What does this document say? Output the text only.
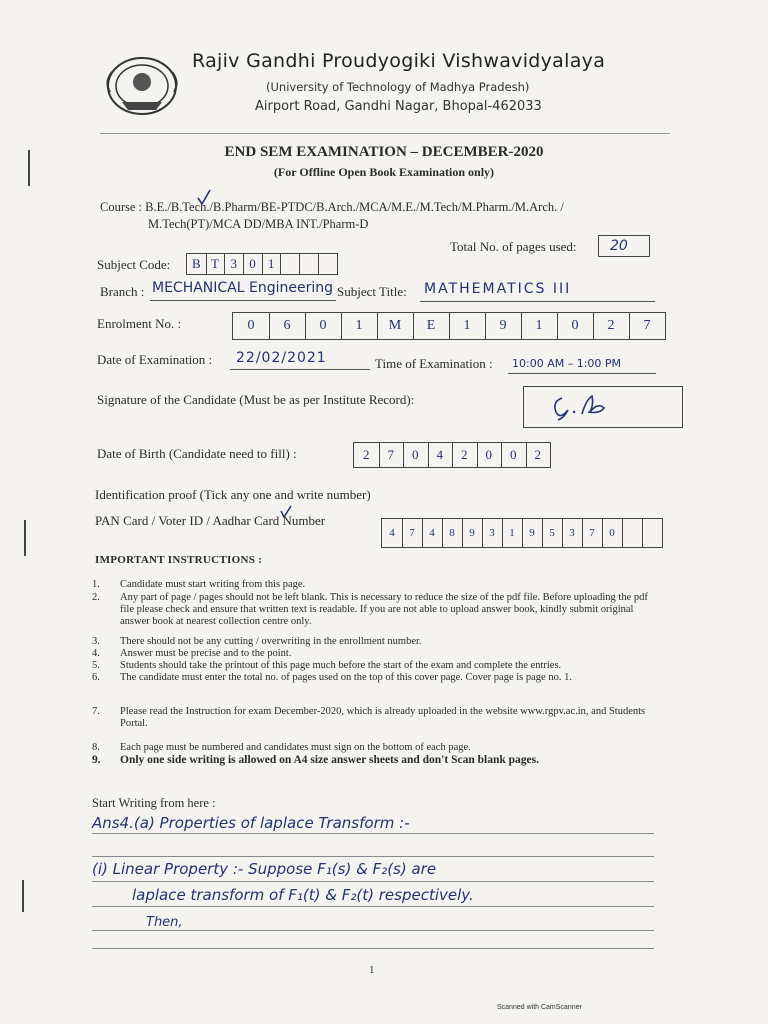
Rajiv Gandhi Proudyogiki Vishwavidyalaya
(University of Technology of Madhya Pradesh)
Airport Road, Gandhi Nagar, Bhopal-462033
END SEM EXAMINATION – DECEMBER-2020
(For Offline Open Book Examination only)
Course : B.E./B.Tech./B.Pharm/BE-PTDC/B.Arch./MCA/M.E./M.Tech/M.Pharm./M.Arch. /
M.Tech(PT)/MCA DD/MBA INT./Pharm-D
Total No. of pages used: 20
Subject Code:	B T 3 0 1
Branch : MECHANICAL Engineering Subject Title: MATHEMATICS III
Enrolment No. :	0	6	0	1	M	E	1	9	1	0	2	7
Date of Examination : 22/02/2021	Time of Examination : 10:00 AM – 1:00 PM
Signature of the Candidate (Must be as per Institute Record):
Date of Birth (Candidate need to fill) :	2	7	0	4	2	0	0	2
Identification proof (Tick any one and write number)
PAN Card / Voter ID / Aadhar Card Number
4	7	4	8	9	3	1	9	5	3	7	0
IMPORTANT INSTRUCTIONS :
1.	Candidate must start writing from this page.
2.	Any part of page / pages should not be left blank. This is necessary to reduce the size of the pdf file. Before uploading the pdf file please check and ensure that written text is readable. If you are not able to upload answer book, kindly submit original answer book at nearest collection centre only.
3.	There should not be any cutting / overwriting in the enrollment number.
4.	Answer must be precise and to the point.
5.	Students should take the printout of this page much before the start of the exam and complete the entries.
6.	The candidate must enter the total no. of pages used on the top of this cover page. Cover page is page no. 1.
7.	Please read the Instruction for exam December-2020, which is already uploaded in the website www.rgpv.ac.in, and Students Portal.
8.	Each page must be numbered and candidates must sign on the bottom of each page.
9.	Only one side writing is allowed on A4 size answer sheets and don't Scan blank pages.
Start Writing from here :
Ans4.(a) Properties of laplace Transform :-
(i) Linear Property :- Suppose F₁(s) & F₂(s) are
laplace transform of F₁(t) & F₂(t) respectively.
Then,
1
Scanned with CamScanner
